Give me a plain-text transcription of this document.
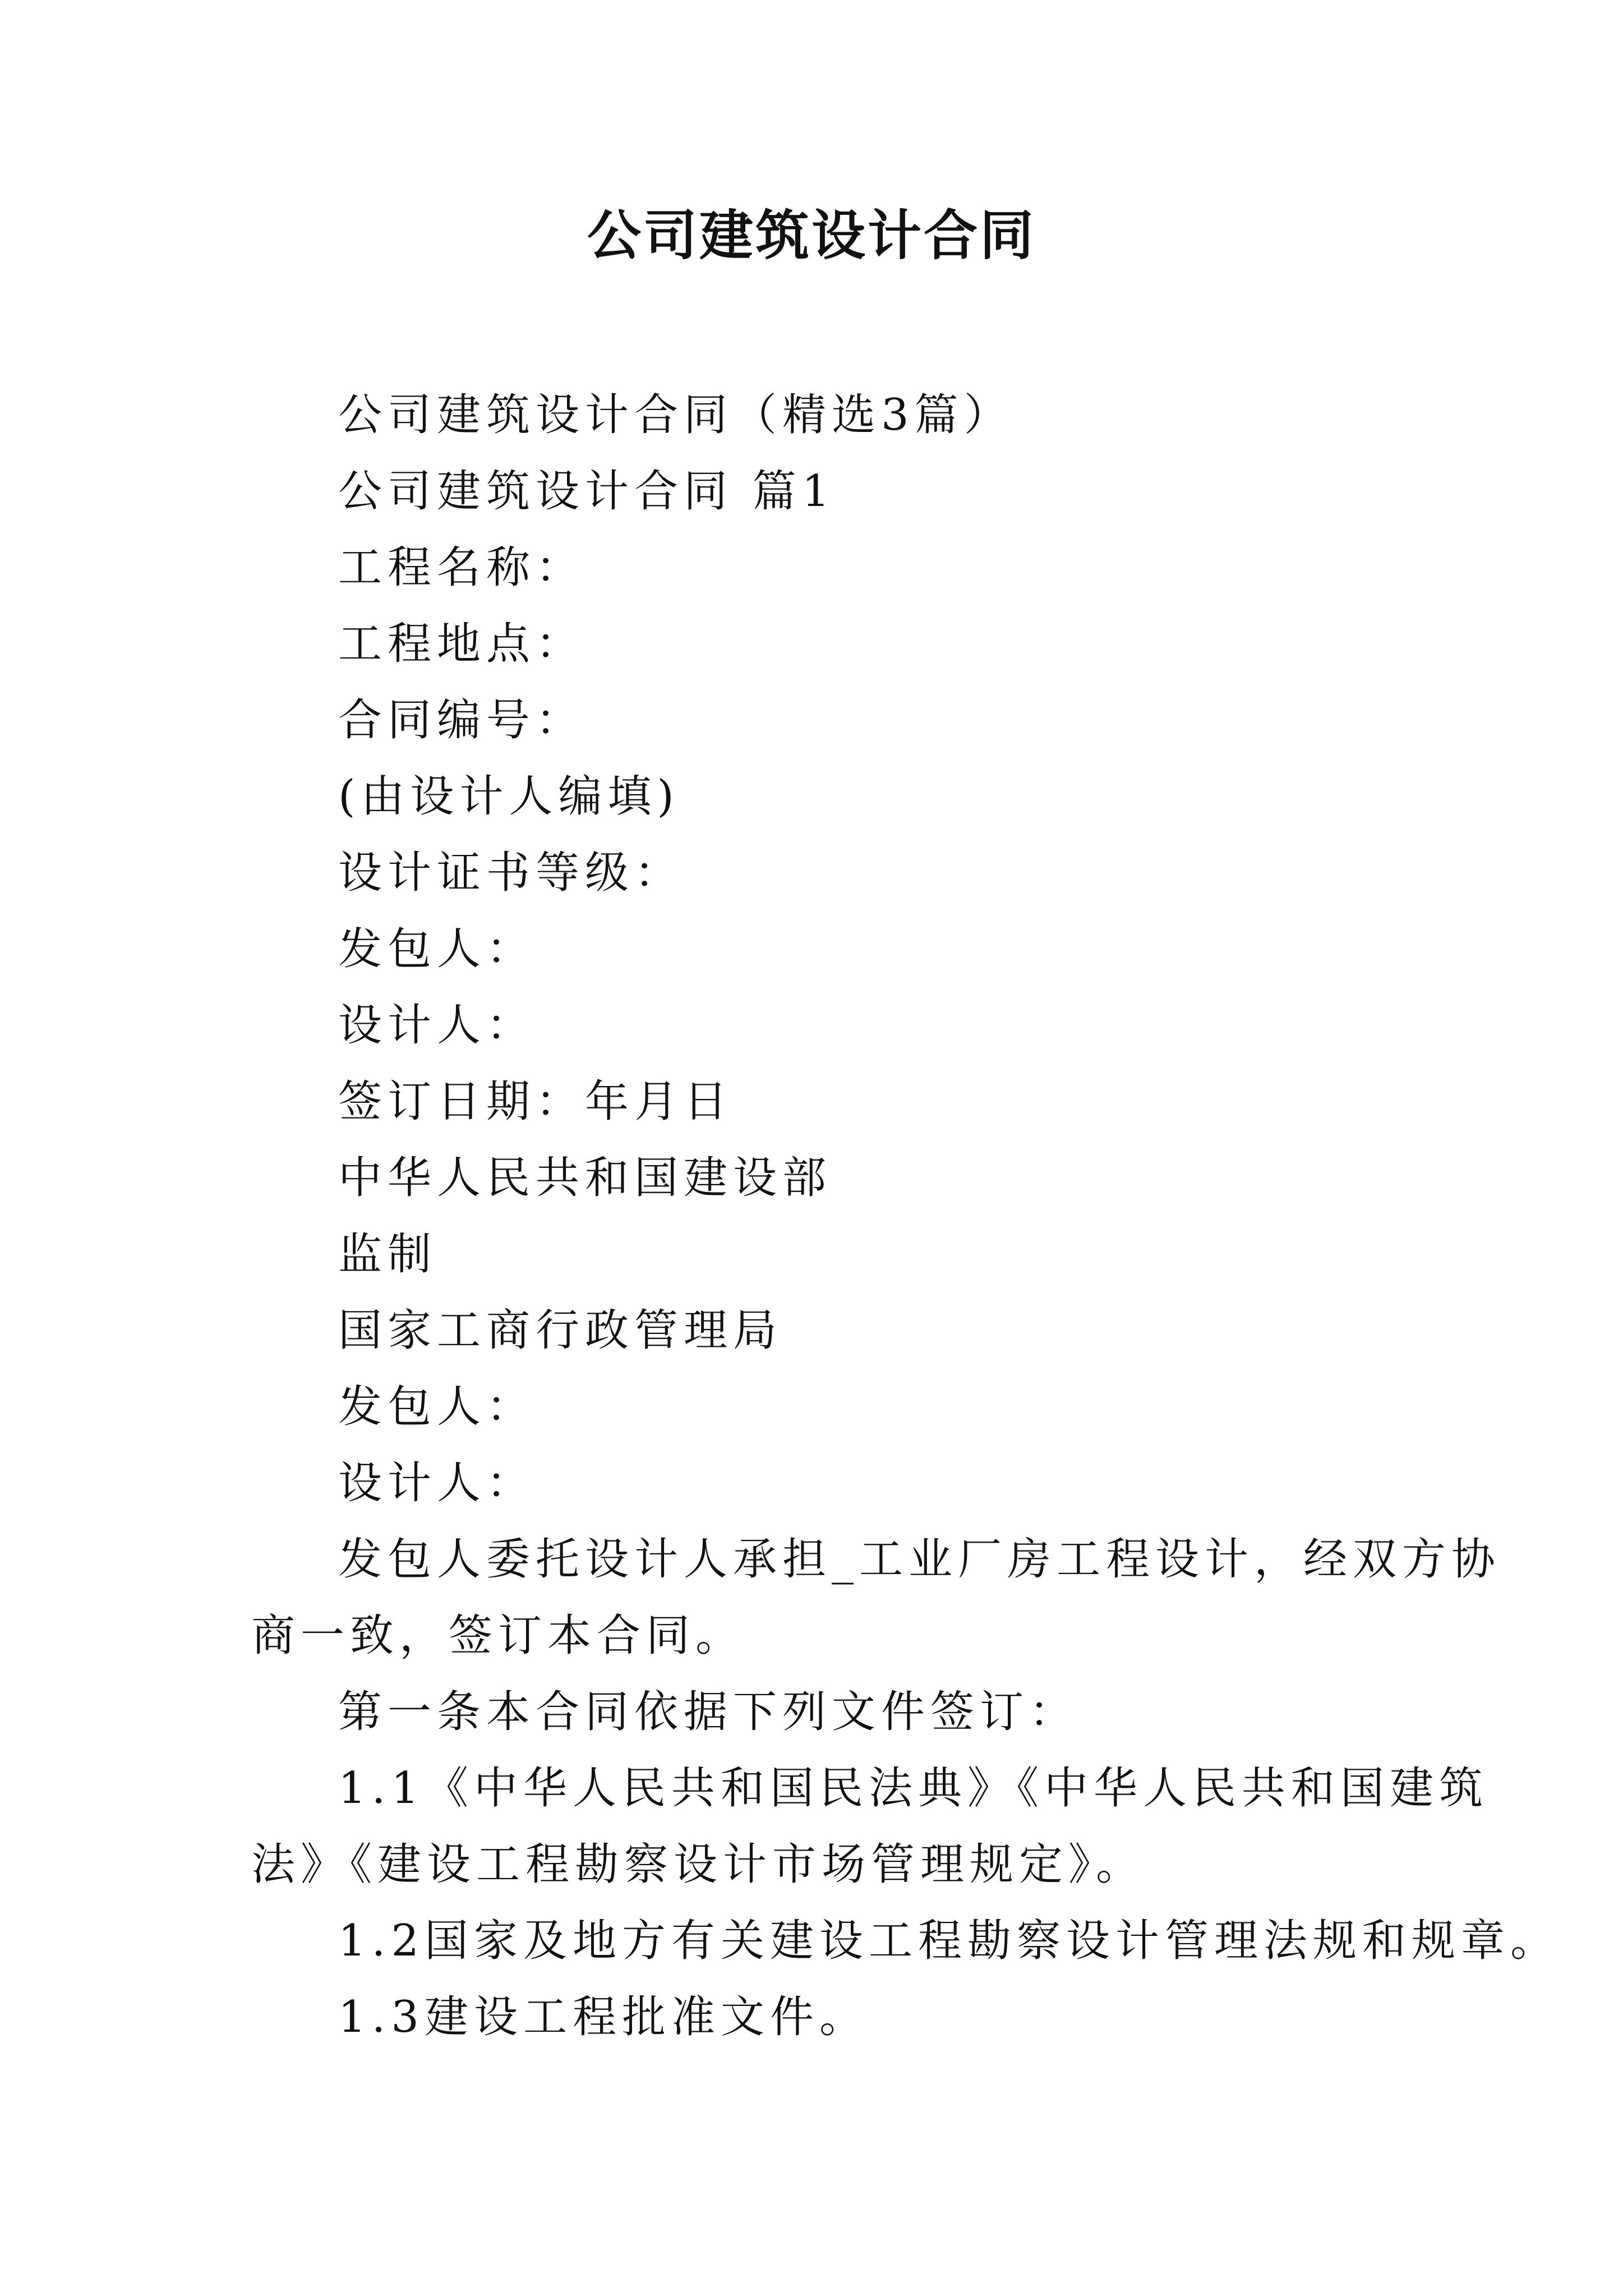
公司建筑设计合同
公司建筑设计合同（精选3篇）
公司建筑设计合同 篇1
工程名称：
工程地点：
合同编号：
(由设计人编填)
设计证书等级：
发包人：
设计人：
签订日期：年月日
中华人民共和国建设部
监制
国家工商行政管理局
发包人：
设计人：
发包人委托设计人承担_工业厂房工程设计，经双方协
商一致，签订本合同。
第一条本合同依据下列文件签订：
1.1《中华人民共和国民法典》《中华人民共和国建筑
法》《建设工程勘察设计市场管理规定》。
1.2国家及地方有关建设工程勘察设计管理法规和规章。
1.3建设工程批准文件。
